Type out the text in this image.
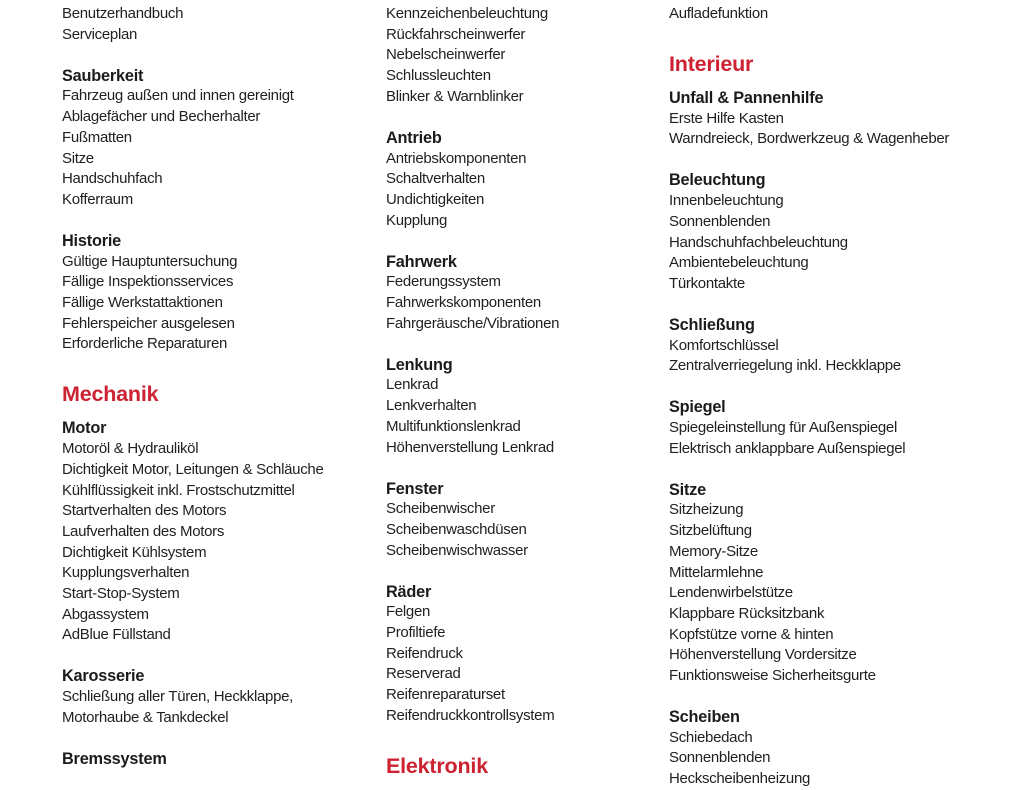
Benutzerhandbuch
Serviceplan
Sauberkeit
Fahrzeug außen und innen gereinigt
Ablagefächer und Becherhalter
Fußmatten
Sitze
Handschuhfach
Kofferraum
Historie
Gültige Hauptuntersuchung
Fällige Inspektionsservices
Fällige Werkstattaktionen
Fehlerspeicher ausgelesen
Erforderliche Reparaturen
Mechanik
Motor
Motoröl & Hydrauliköl
Dichtigkeit Motor, Leitungen & Schläuche
Kühlflüssigkeit inkl. Frostschutzmittel
Startverhalten des Motors
Laufverhalten des Motors
Dichtigkeit Kühlsystem
Kupplungsverhalten
Start-Stop-System
Abgassystem
AdBlue Füllstand
Karosserie
Schließung aller Türen, Heckklappe,
Motorhaube & Tankdeckel
Bremssystem
Kennzeichenbeleuchtung
Rückfahrscheinwerfer
Nebelscheinwerfer
Schlussleuchten
Blinker & Warnblinker
Antrieb
Antriebskomponenten
Schaltverhalten
Undichtigkeiten
Kupplung
Fahrwerk
Federungssystem
Fahrwerkskomponenten
Fahrgeräusche/Vibrationen
Lenkung
Lenkrad
Lenkverhalten
Multifunktionslenkrad
Höhenverstellung Lenkrad
Fenster
Scheibenwischer
Scheibenwaschdüsen
Scheibenwischwasser
Räder
Felgen
Profiltiefe
Reifendruck
Reserverad
Reifenreparaturset
Reifendruckkontrollsystem
Elektronik
Aufladefunktion
Interieur
Unfall & Pannenhilfe
Erste Hilfe Kasten
Warndreieck, Bordwerkzeug & Wagenheber
Beleuchtung
Innenbeleuchtung
Sonnenblenden
Handschuhfachbeleuchtung
Ambientebeleuchtung
Türkontakte
Schließung
Komfortschlüssel
Zentralverriegelung inkl. Heckklappe
Spiegel
Spiegeleinstellung für Außenspiegel
Elektrisch anklappbare Außenspiegel
Sitze
Sitzheizung
Sitzbelüftung
Memory-Sitze
Mittelarmlehne
Lendenwirbelstütze
Klappbare Rücksitzbank
Kopfstütze vorne & hinten
Höhenverstellung Vordersitze
Funktionsweise Sicherheitsgurte
Scheiben
Schiebedach
Sonnenblenden
Heckscheibenheizung
